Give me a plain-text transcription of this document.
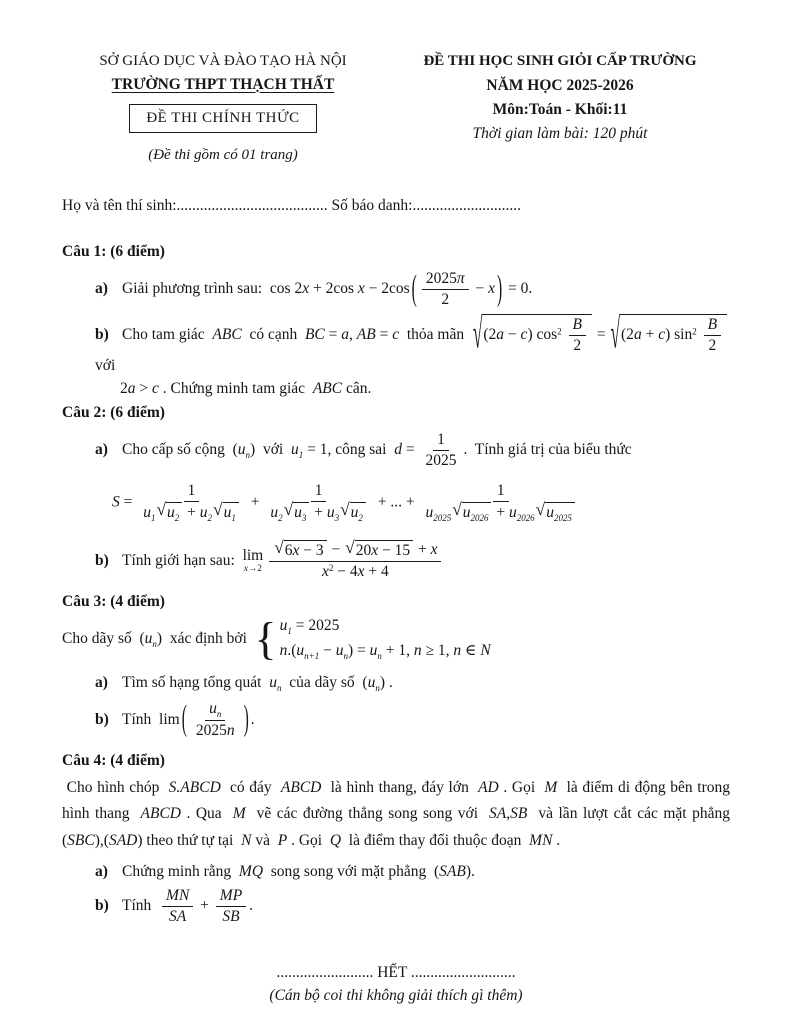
SỞ GIÁO DỤC VÀ ĐÀO TẠO HÀ NỘI
TRƯỜNG THPT THẠCH THẤT
ĐỀ THI CHÍNH THỨC
(Đề thi gồm có 01 trang)
ĐỀ THI HỌC SINH GIỎI CẤP TRƯỜNG
NĂM HỌC 2025-2026
Môn:Toán - Khối:11
Thời gian làm bài: 120 phút
Họ và tên thí sinh:....................................... Số báo danh:............................
Câu 1: (6 điểm)
a) Giải phương trình sau:  cos 2x + 2cos x − 2cos ( $\frac{2025\pi}{2} - x$ ) = 0.
b) Cho tam giác  ABC  có cạnh  BC = a, AB = c  thỏa mãn √ (2a − c) $\cos^2 \frac{B}{2}$ = √ (2a + c) $\sin^2 \frac{B}{2}$ với
2a > c . Chứng minh tam giác  ABC cân.
Câu 2: (6 điểm)
a) Cho cấp số cộng  $(u_n)$  với  $u_1 = 1$, công sai  $d = \frac{1}{2025}$ .  Tính giá trị của biểu thức
$S = \frac{1}{u_1 √ u_2 + u_2 √ u_1} + \frac{1}{u_2 √ u_3 + u_3 √ u_2}$ + ... + $\frac{1}{u_{2025} √ u_{2026} + u_{2026} √ u_{2025}}$
b) Tính giới hạn sau: lim
$x\to 2 \frac{√ 6x - 3 - √ 20x - 15 + x}{x^2 - 4x + 4}$
Câu 3: (4 điểm)
Cho dãy số  $(u_n)$  xác định bởi { $u_1 = 2025$
$n.(u_{n+1} - u_n) = u_n + 1$, n ≥ 1, n ∈ N
a) Tìm số hạng tổng quát  $u_n$  của dãy số  $(u_n)$ .
b) Tính  lim ( $\frac{u_n}{2025n}$ ) .
Câu 4: (4 điểm)
Cho hình chóp  S.ABCD  có đáy  ABCD  là hình thang, đáy lớn  AD . Gọi  M  là điểm di động bên trong hình thang  ABCD . Qua  M  vẽ các đường thẳng song song với  SA,SB  và lần lượt cắt các mặt phẳng (SBC),(SAD) theo thứ tự tại  N và  P . Gọi  Q  là điểm thay đổi thuộc đoạn  MN .
a) Chứng minh rằng  MQ  song song với mặt phẳng  (SAB).
b) Tính $\frac{MN}{SA} + \frac{MP}{SB}$ .
......................... HẾT ...........................
(Cán bộ coi thi không giải thích gì thêm)
